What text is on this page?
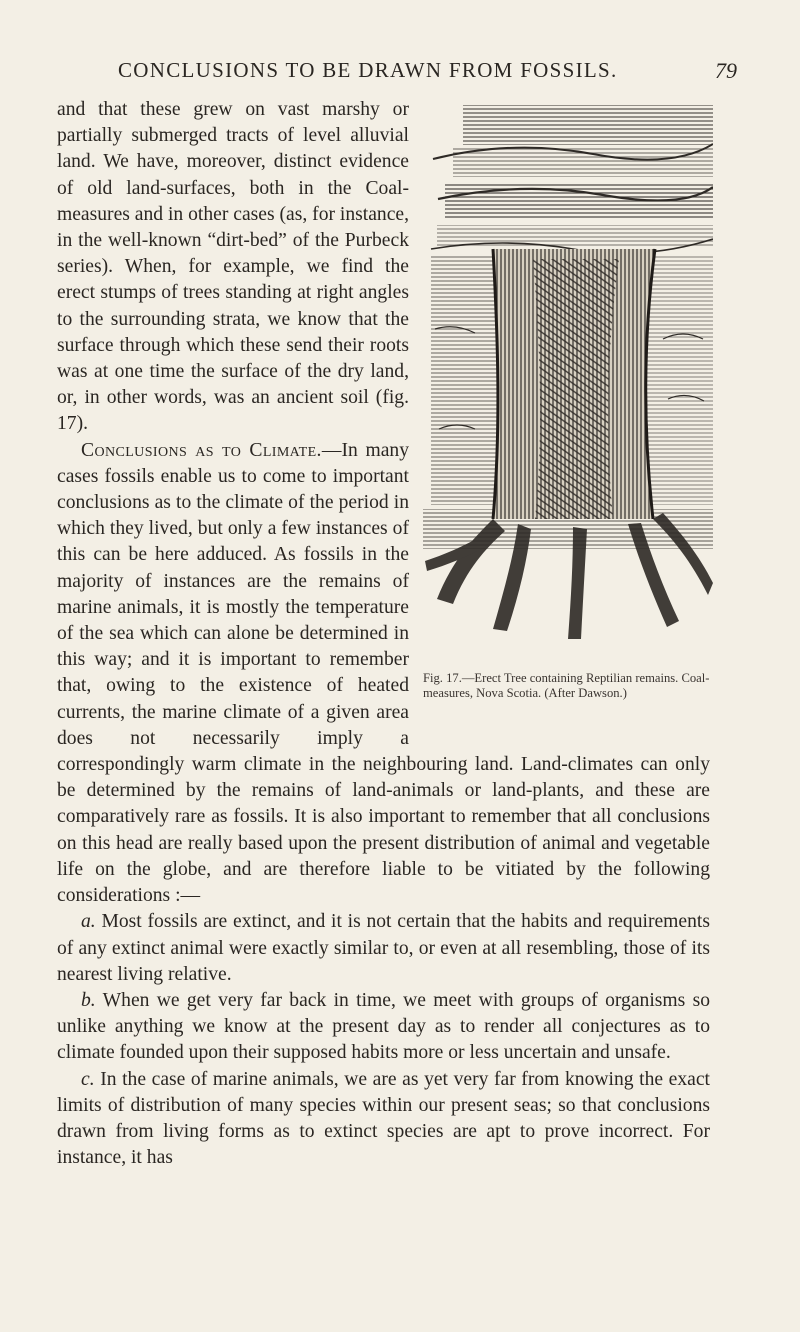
CONCLUSIONS TO BE DRAWN FROM FOSSILS.	79
Fig. 17.—Erect Tree containing Reptilian remains. Coal-measures, Nova Scotia. (After Dawson.)

and that these grew on vast marshy or partially submerged tracts of level alluvial land. We have, moreover, distinct evidence of old land-surfaces, both in the Coal-measures and in other cases (as, for instance, in the well-known “dirt-bed” of the Purbeck series). When, for example, we find the erect stumps of trees standing at right angles to the surrounding strata, we know that the surface through which these send their roots was at one time the surface of the dry land, or, in other words, was an ancient soil (fig. 17).

Conclusions as to Climate.—In many cases fossils enable us to come to important conclusions as to the climate of the period in which they lived, but only a few instances of this can be here adduced. As fossils in the majority of instances are the remains of marine animals, it is mostly the temperature of the sea which can alone be determined in this way; and it is important to remember that, owing to the existence of heated currents, the marine climate of a given area does not necessarily imply a correspondingly warm climate in the neighbouring land. Land-climates can only be determined by the remains of land-animals or land-plants, and these are comparatively rare as fossils. It is also important to remember that all conclusions on this head are really based upon the present distribution of animal and vegetable life on the globe, and are therefore liable to be vitiated by the following considerations :—

a. Most fossils are extinct, and it is not certain that the habits and requirements of any extinct animal were exactly similar to, or even at all resembling, those of its nearest living relative.

b. When we get very far back in time, we meet with groups of organisms so unlike anything we know at the present day as to render all conjectures as to climate founded upon their supposed habits more or less uncertain and unsafe.

c. In the case of marine animals, we are as yet very far from knowing the exact limits of distribution of many species within our present seas; so that conclusions drawn from living forms as to extinct species are apt to prove incorrect. For instance, it has
